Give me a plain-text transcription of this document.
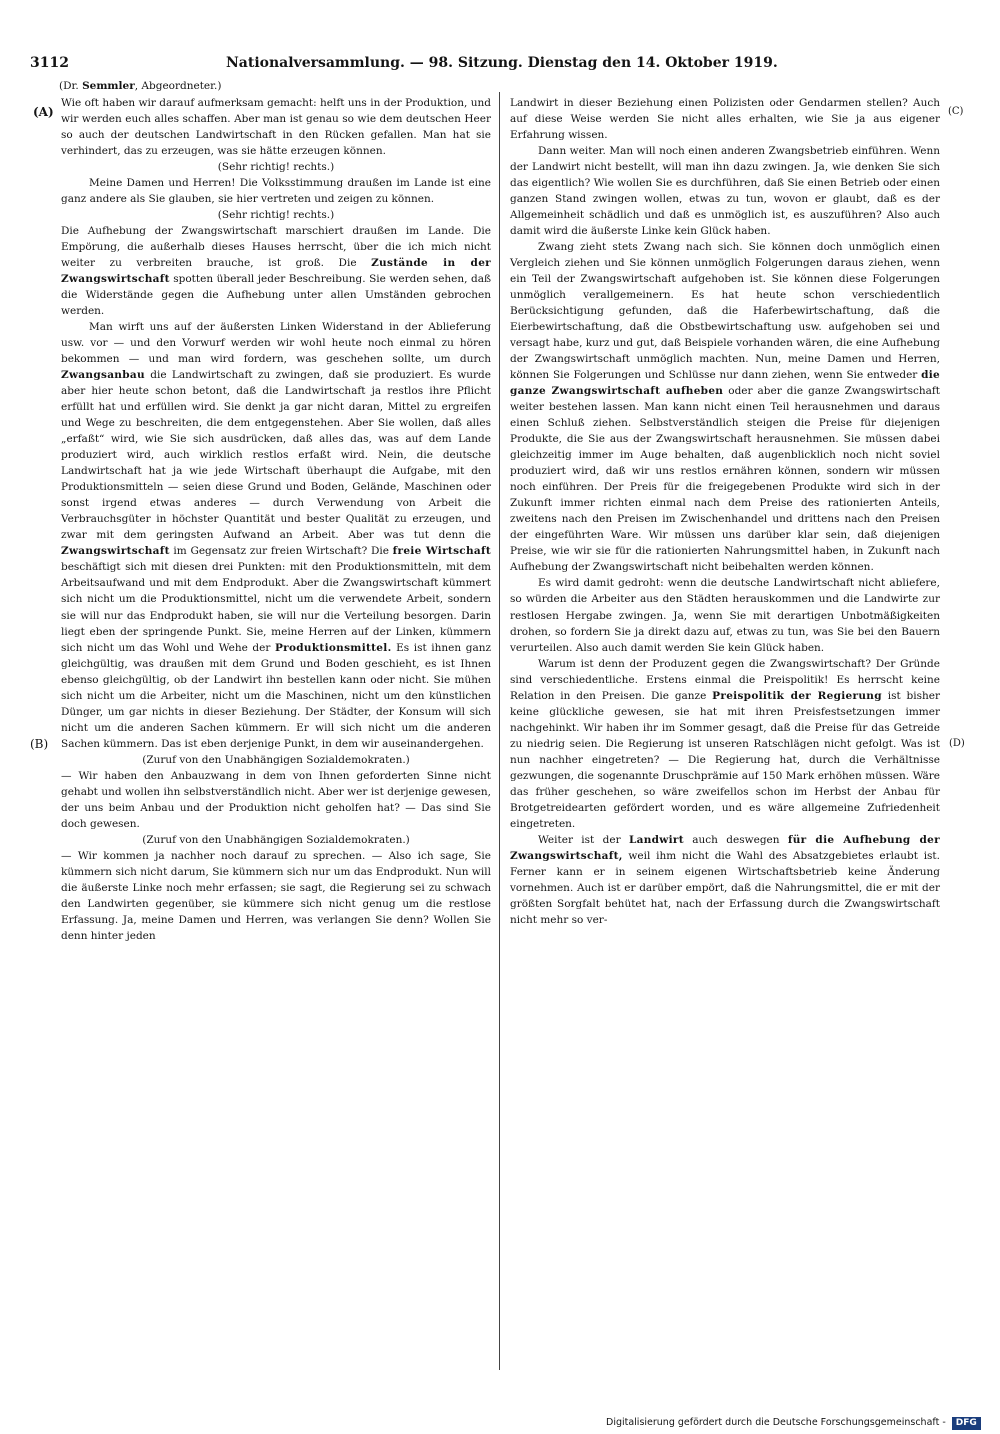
3112	Nationalversammlung. — 98. Sitzung. Dienstag den 14. Oktober 1919.
(Dr. Semmler, Abgeordneter.)
(A)
(B)
(C)
(D)

Wie oft haben wir darauf aufmerksam gemacht: helft uns in der Produktion, und wir werden euch alles schaffen. Aber man ist genau so wie dem deutschen Heer so auch der deutschen Landwirtschaft in den Rücken gefallen. Man hat sie verhindert, das zu erzeugen, was sie hätte erzeugen können.

(Sehr richtig! rechts.)

Meine Damen und Herren! Die Volksstimmung draußen im Lande ist eine ganz andere als Sie glauben, sie hier vertreten und zeigen zu können.

(Sehr richtig! rechts.)

Die Aufhebung der Zwangswirtschaft marschiert draußen im Lande. Die Empörung, die außerhalb dieses Hauses herrscht, über die ich mich nicht weiter zu verbreiten brauche, ist groß. Die Zustände in der Zwangswirtschaft spotten überall jeder Beschreibung. Sie werden sehen, daß die Widerstände gegen die Aufhebung unter allen Umständen gebrochen werden.

Man wirft uns auf der äußersten Linken Widerstand in der Ablieferung usw. vor — und den Vorwurf werden wir wohl heute noch einmal zu hören bekommen — und man wird fordern, was geschehen sollte, um durch Zwangsanbau die Landwirtschaft zu zwingen, daß sie produziert. Es wurde aber hier heute schon betont, daß die Landwirtschaft ja restlos ihre Pflicht erfüllt hat und erfüllen wird. Sie denkt ja gar nicht daran, Mittel zu ergreifen und Wege zu beschreiten, die dem entgegenstehen. Aber Sie wollen, daß alles „erfaßt“ wird, wie Sie sich ausdrücken, daß alles das, was auf dem Lande produziert wird, auch wirklich restlos erfaßt wird. Nein, die deutsche Landwirtschaft hat ja wie jede Wirtschaft überhaupt die Aufgabe, mit den Produktionsmitteln — seien diese Grund und Boden, Gelände, Maschinen oder sonst irgend etwas anderes — durch Verwendung von Arbeit die Verbrauchsgüter in höchster Quantität und bester Qualität zu erzeugen, und zwar mit dem geringsten Aufwand an Arbeit. Aber was tut denn die Zwangswirtschaft im Gegensatz zur freien Wirtschaft? Die freie Wirtschaft beschäftigt sich mit diesen drei Punkten: mit den Produktionsmitteln, mit dem Arbeitsaufwand und mit dem Endprodukt. Aber die Zwangswirtschaft kümmert sich nicht um die Produktionsmittel, nicht um die verwendete Arbeit, sondern sie will nur das Endprodukt haben, sie will nur die Verteilung besorgen. Darin liegt eben der springende Punkt. Sie, meine Herren auf der Linken, kümmern sich nicht um das Wohl und Wehe der Produktionsmittel. Es ist ihnen ganz gleichgültig, was draußen mit dem Grund und Boden geschieht, es ist Ihnen ebenso gleichgültig, ob der Landwirt ihn bestellen kann oder nicht. Sie mühen sich nicht um die Arbeiter, nicht um die Maschinen, nicht um den künstlichen Dünger, um gar nichts in dieser Beziehung. Der Städter, der Konsum will sich nicht um die anderen Sachen kümmern. Er will sich nicht um die anderen Sachen kümmern. Das ist eben derjenige Punkt, in dem wir auseinandergehen.

(Zuruf von den Unabhängigen Sozialdemokraten.)

— Wir haben den Anbauzwang in dem von Ihnen geforderten Sinne nicht gehabt und wollen ihn selbstverständlich nicht. Aber wer ist derjenige gewesen, der uns beim Anbau und der Produktion nicht geholfen hat? — Das sind Sie doch gewesen.

(Zuruf von den Unabhängigen Sozialdemokraten.)

— Wir kommen ja nachher noch darauf zu sprechen. — Also ich sage, Sie kümmern sich nicht darum, Sie kümmern sich nur um das Endprodukt. Nun will die äußerste Linke noch mehr erfassen; sie sagt, die Regierung sei zu schwach den Landwirten gegenüber, sie kümmere sich nicht genug um die restlose Erfassung. Ja, meine Damen und Herren, was verlangen Sie denn? Wollen Sie denn hinter jeden

Landwirt in dieser Beziehung einen Polizisten oder Gendarmen stellen? Auch auf diese Weise werden Sie nicht alles erhalten, wie Sie ja aus eigener Erfahrung wissen.

Dann weiter. Man will noch einen anderen Zwangsbetrieb einführen. Wenn der Landwirt nicht bestellt, will man ihn dazu zwingen. Ja, wie denken Sie sich das eigentlich? Wie wollen Sie es durchführen, daß Sie einen Betrieb oder einen ganzen Stand zwingen wollen, etwas zu tun, wovon er glaubt, daß es der Allgemeinheit schädlich und daß es unmöglich ist, es auszuführen? Also auch damit wird die äußerste Linke kein Glück haben.

Zwang zieht stets Zwang nach sich. Sie können doch unmöglich einen Vergleich ziehen und Sie können unmöglich Folgerungen daraus ziehen, wenn ein Teil der Zwangswirtschaft aufgehoben ist. Sie können diese Folgerungen unmöglich verallgemeinern. Es hat heute schon verschiedentlich Berücksichtigung gefunden, daß die Haferbewirtschaftung, daß die Eierbewirtschaftung, daß die Obstbewirtschaftung usw. aufgehoben sei und versagt habe, kurz und gut, daß Beispiele vorhanden wären, die eine Aufhebung der Zwangswirtschaft unmöglich machten. Nun, meine Damen und Herren, können Sie Folgerungen und Schlüsse nur dann ziehen, wenn Sie entweder die ganze Zwangswirtschaft aufheben oder aber die ganze Zwangswirtschaft weiter bestehen lassen. Man kann nicht einen Teil herausnehmen und daraus einen Schluß ziehen. Selbstverständlich steigen die Preise für diejenigen Produkte, die Sie aus der Zwangswirtschaft herausnehmen. Sie müssen dabei gleichzeitig immer im Auge behalten, daß augenblicklich noch nicht soviel produziert wird, daß wir uns restlos ernähren können, sondern wir müssen noch einführen. Der Preis für die freigegebenen Produkte wird sich in der Zukunft immer richten einmal nach dem Preise des rationierten Anteils, zweitens nach den Preisen im Zwischenhandel und drittens nach den Preisen der eingeführten Ware. Wir müssen uns darüber klar sein, daß diejenigen Preise, wie wir sie für die rationierten Nahrungsmittel haben, in Zukunft nach Aufhebung der Zwangswirtschaft nicht beibehalten werden können.

Es wird damit gedroht: wenn die deutsche Landwirtschaft nicht abliefere, so würden die Arbeiter aus den Städten herauskommen und die Landwirte zur restlosen Hergabe zwingen. Ja, wenn Sie mit derartigen Unbotmäßigkeiten drohen, so fordern Sie ja direkt dazu auf, etwas zu tun, was Sie bei den Bauern verurteilen. Also auch damit werden Sie kein Glück haben.

Warum ist denn der Produzent gegen die Zwangswirtschaft? Der Gründe sind verschiedentliche. Erstens einmal die Preispolitik! Es herrscht keine Relation in den Preisen. Die ganze Preispolitik der Regierung ist bisher keine glückliche gewesen, sie hat mit ihren Preisfestsetzungen immer nachgehinkt. Wir haben ihr im Sommer gesagt, daß die Preise für das Getreide zu niedrig seien. Die Regierung ist unseren Ratschlägen nicht gefolgt. Was ist nun nachher eingetreten? — Die Regierung hat, durch die Verhältnisse gezwungen, die sogenannte Druschprämie auf 150 Mark erhöhen müssen. Wäre das früher geschehen, so wäre zweifellos schon im Herbst der Anbau für Brotgetreidearten gefördert worden, und es wäre allgemeine Zufriedenheit eingetreten.

Weiter ist der Landwirt auch deswegen für die Aufhebung der Zwangswirtschaft, weil ihm nicht die Wahl des Absatzgebietes erlaubt ist. Ferner kann er in seinem eigenen Wirtschaftsbetrieb keine Änderung vornehmen. Auch ist er darüber empört, daß die Nahrungsmittel, die er mit der größten Sorgfalt behütet hat, nach der Erfassung durch die Zwangswirtschaft nicht mehr so ver-

Digitalisierung gefördert durch die Deutsche Forschungsgemeinschaft - DFG
